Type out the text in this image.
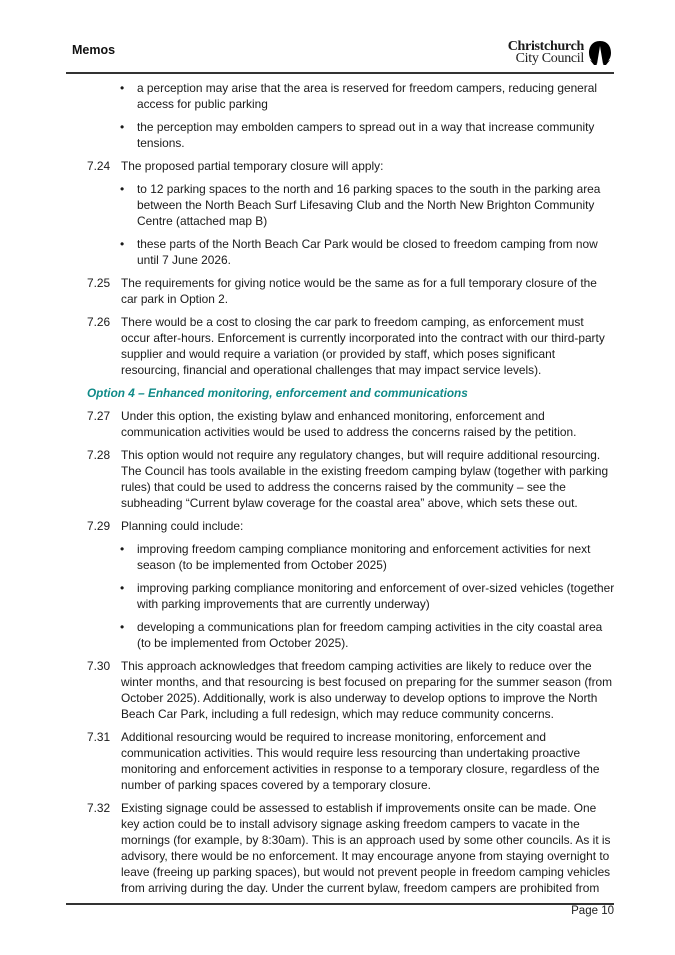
Memos	Christchurch
City Council
• a perception may arise that the area is reserved for freedom campers, reducing general access for public parking
• the perception may embolden campers to spread out in a way that increase community tensions.
7.24 The proposed partial temporary closure will apply:
• to 12 parking spaces to the north and 16 parking spaces to the south in the parking area between the North Beach Surf Lifesaving Club and the North New Brighton Community Centre (attached map B)
• these parts of the North Beach Car Park would be closed to freedom camping from now until 7 June 2026.
7.25 The requirements for giving notice would be the same as for a full temporary closure of the car park in Option 2.
7.26 There would be a cost to closing the car park to freedom camping, as enforcement must occur after-hours. Enforcement is currently incorporated into the contract with our third-party supplier and would require a variation (or provided by staff, which poses significant resourcing, financial and operational challenges that may impact service levels).
Option 4 – Enhanced monitoring, enforcement and communications
7.27 Under this option, the existing bylaw and enhanced monitoring, enforcement and communication activities would be used to address the concerns raised by the petition.
7.28 This option would not require any regulatory changes, but will require additional resourcing. The Council has tools available in the existing freedom camping bylaw (together with parking rules) that could be used to address the concerns raised by the community – see the subheading “Current bylaw coverage for the coastal area” above, which sets these out.
7.29 Planning could include:
• improving freedom camping compliance monitoring and enforcement activities for next season (to be implemented from October 2025)
• improving parking compliance monitoring and enforcement of over-sized vehicles (together with parking improvements that are currently underway)
• developing a communications plan for freedom camping activities in the city coastal area (to be implemented from October 2025).
7.30 This approach acknowledges that freedom camping activities are likely to reduce over the winter months, and that resourcing is best focused on preparing for the summer season (from October 2025). Additionally, work is also underway to develop options to improve the North Beach Car Park, including a full redesign, which may reduce community concerns.
7.31 Additional resourcing would be required to increase monitoring, enforcement and communication activities. This would require less resourcing than undertaking proactive monitoring and enforcement activities in response to a temporary closure, regardless of the number of parking spaces covered by a temporary closure.
7.32 Existing signage could be assessed to establish if improvements onsite can be made. One key action could be to install advisory signage asking freedom campers to vacate in the mornings (for example, by 8:30am). This is an approach used by some other councils. As it is advisory, there would be no enforcement. It may encourage anyone from staying overnight to leave (freeing up parking spaces), but would not prevent people in freedom camping vehicles from arriving during the day. Under the current bylaw, freedom campers are prohibited from
Page 10
